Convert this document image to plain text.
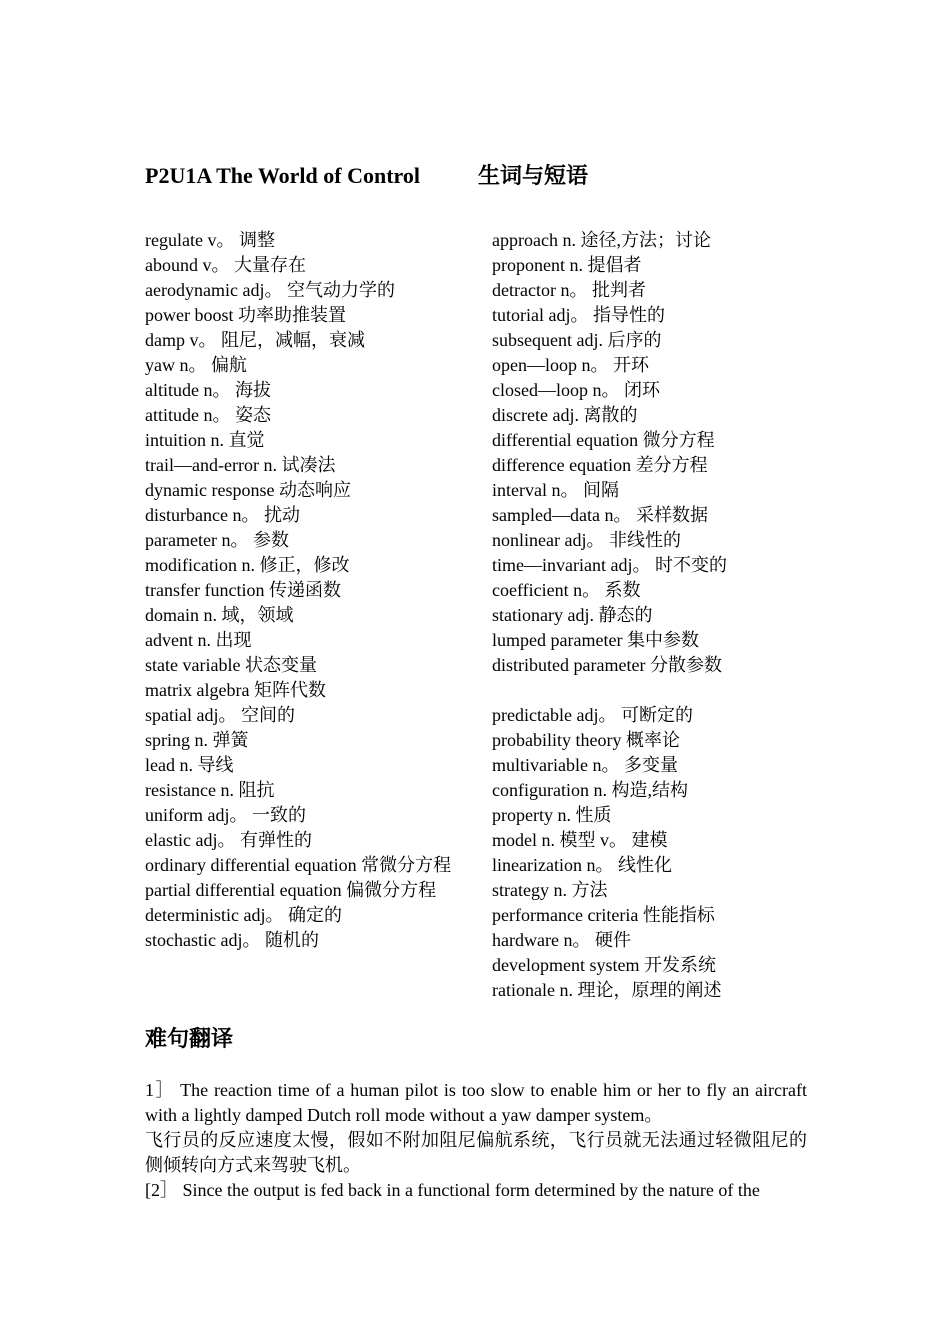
P2U1A The World of Control	生词与短语
regulate v。 调整
abound v。 大量存在
aerodynamic adj。 空气动力学的
power boost 功率助推装置
damp v。 阻尼，减幅，衰减
yaw n。 偏航
altitude n。 海拔
attitude n。 姿态
intuition n. 直觉
trail—and-error n. 试凑法
dynamic response 动态响应
disturbance n。 扰动
parameter n。 参数
modification n. 修正，修改
transfer function 传递函数
domain n. 域，领域
advent n. 出现
state variable 状态变量
matrix algebra 矩阵代数
spatial adj。 空间的
spring n. 弹簧
lead n. 导线
resistance n. 阻抗
uniform adj。 一致的
elastic adj。 有弹性的
ordinary differential equation 常微分方程
partial differential equation 偏微分方程
deterministic adj。 确定的
stochastic adj。 随机的
approach n. 途径,方法；讨论
proponent n. 提倡者
detractor n。 批判者
tutorial adj。 指导性的
subsequent adj. 后序的
open—loop n。 开环
closed—loop n。 闭环
discrete adj. 离散的
differential equation 微分方程
difference equation 差分方程
interval n。 间隔
sampled—data n。 采样数据
nonlinear adj。 非线性的
time—invariant adj。 时不变的
coefficient n。 系数
stationary adj. 静态的
lumped parameter 集中参数
distributed parameter 分散参数
predictable adj。 可断定的
probability theory 概率论
multivariable n。 多变量
configuration n. 构造,结构
property n. 性质
model n. 模型 v。 建模
linearization n。 线性化
strategy n. 方法
performance criteria 性能指标
hardware n。 硬件
development system 开发系统
rationale n. 理论，原理的阐述
难句翻译
1］ The reaction time of a human pilot is too slow to enable him or her to fly an aircraft with a lightly damped Dutch roll mode without a yaw damper system。
飞行员的反应速度太慢，假如不附加阻尼偏航系统，飞行员就无法通过轻微阻尼的侧倾转向方式来驾驶飞机。
[2］ Since the output is fed back in a functional form determined by the nature of the
